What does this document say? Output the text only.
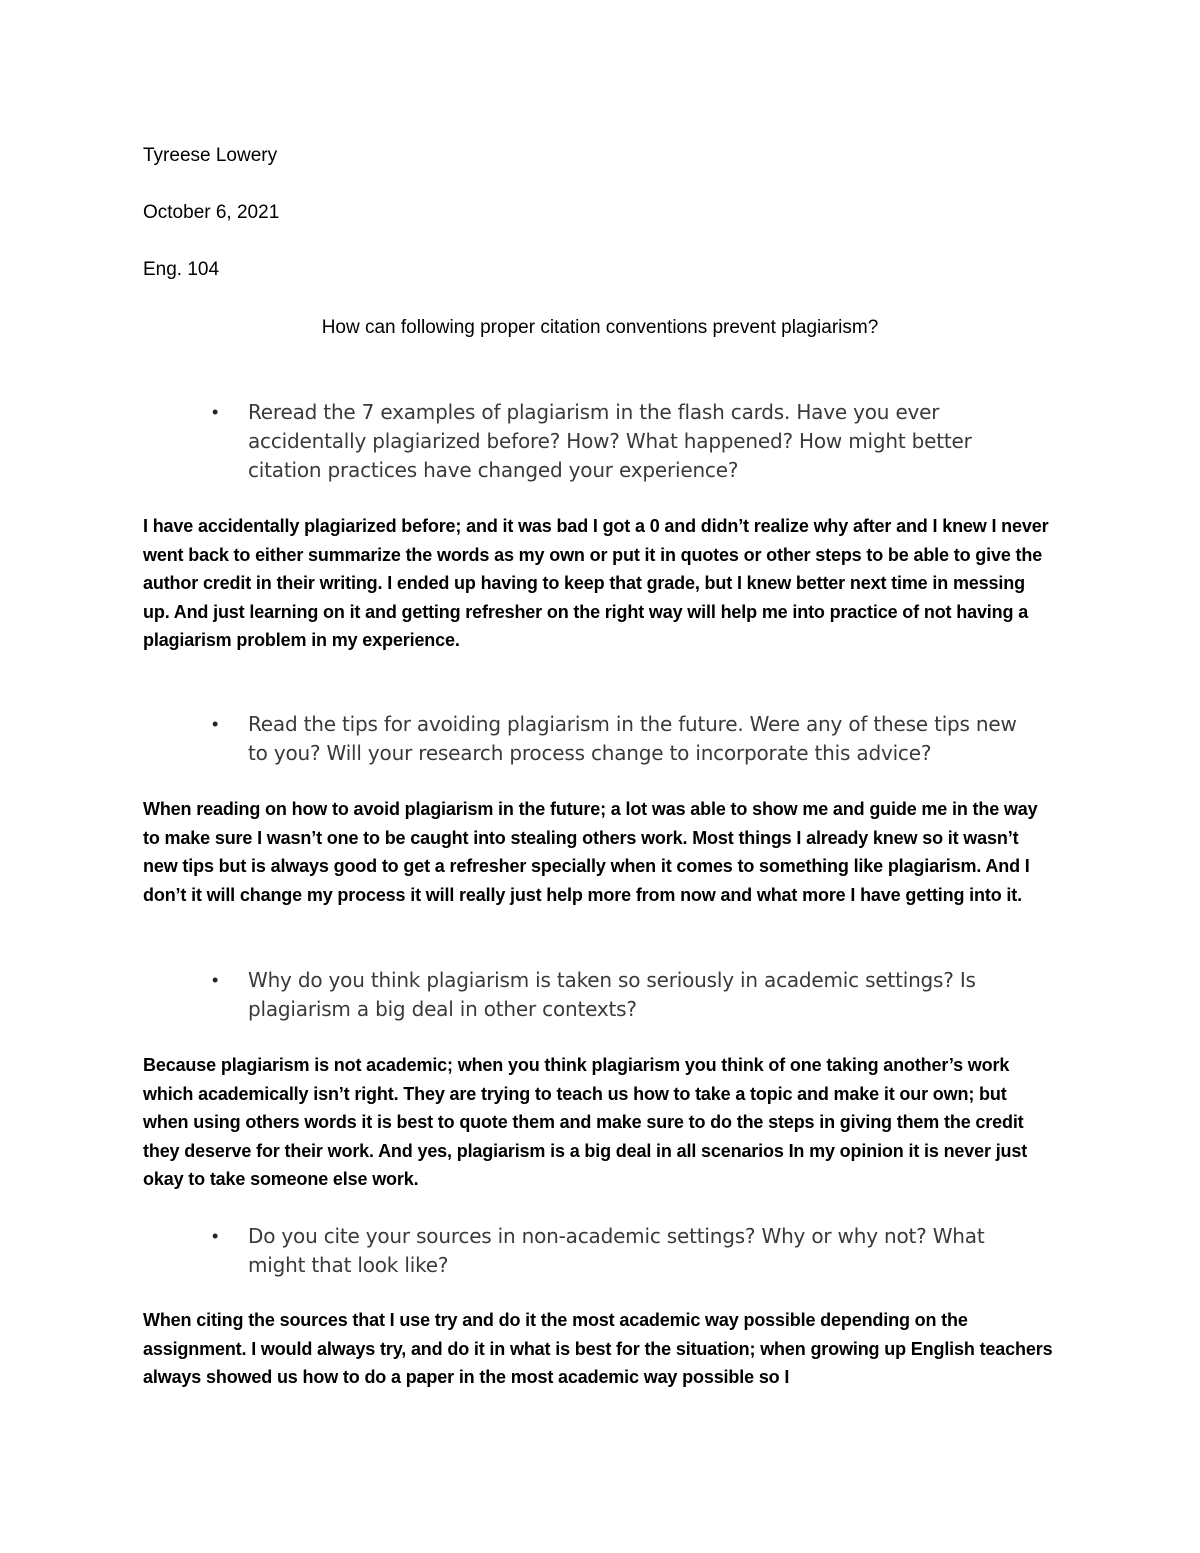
Tyreese Lowery

October 6, 2021

Eng. 104

How can following proper citation conventions prevent plagiarism?
•	Reread the 7 examples of plagiarism in the flash cards. Have you ever accidentally plagiarized before? How? What happened? How might better citation practices have changed your experience?

I have accidentally plagiarized before; and it was bad I got a 0 and didn’t realize why after and I knew I never went back to either summarize the words as my own or put it in quotes or other steps to be able to give the author credit in their writing. I ended up having to keep that grade, but I knew better next time in messing up. And just learning on it and getting refresher on the right way will help me into practice of not having a plagiarism problem in my experience.

•	Read the tips for avoiding plagiarism in the future. Were any of these tips new to you? Will your research process change to incorporate this advice?

When reading on how to avoid plagiarism in the future; a lot was able to show me and guide me in the way to make sure I wasn’t one to be caught into stealing others work. Most things I already knew so it wasn’t new tips but is always good to get a refresher specially when it comes to something like plagiarism. And I don’t it will change my process it will really just help more from now and what more I have getting into it.

•	Why do you think plagiarism is taken so seriously in academic settings? Is plagiarism a big deal in other contexts?

Because plagiarism is not academic; when you think plagiarism you think of one taking another’s work which academically isn’t right. They are trying to teach us how to take a topic and make it our own; but when using others words it is best to quote them and make sure to do the steps in giving them the credit they deserve for their work. And yes, plagiarism is a big deal in all scenarios In my opinion it is never just okay to take someone else work.

•	Do you cite your sources in non-academic settings? Why or why not? What might that look like?

When citing the sources that I use try and do it the most academic way possible depending on the assignment. I would always try, and do it in what is best for the situation; when growing up English teachers always showed us how to do a paper in the most academic way possible so I
